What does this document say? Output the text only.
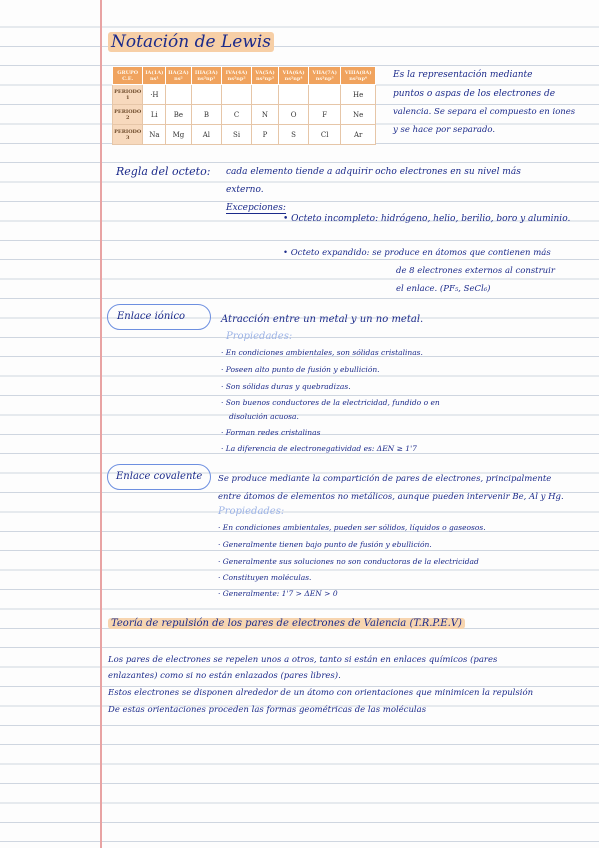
Notación de Lewis
GRUPO C.E.	IA(1A) ns¹	IIA(2A) ns²	IIIA(3A) ns²np¹	IVA(4A) ns²np²	VA(5A) ns²np³	VIA(6A) ns²np⁴	VIIA(7A) ns²np⁵	VIIIA(8A) ns²np⁶
PERIODO 1	·H							He
PERIODO 2	Li	Be	B	C	N	O	F	Ne
PERIODO 3	Na	Mg	Al	Si	P	S	Cl	Ar
Es la representación mediante
puntos o aspas de los electrones de
valencia. Se separa el compuesto en iones
y se hace por separado.
Regla del octeto: cada elemento tiende a adquirir ocho electrones en su nivel más
externo.
Excepciones:
• Octeto incompleto: hidrógeno, helio, berilio, boro y aluminio.
• Octeto expandido: se produce en átomos que contienen más
de 8 electrones externos al construir
el enlace. (PF₅, SeCl₆)
Enlace iónico	Atracción entre un metal y un no metal.
Propiedades:
· En condiciones ambientales, son sólidas cristalinas.
· Poseen alto punto de fusión y ebullición.
· Son sólidas duras y quebradizas.
· Son buenos conductores de la electricidad, fundido o en
disolución acuosa.
· Forman redes cristalinas
· La diferencia de electronegatividad es: ΔEN ≥ 1'7
Enlace covalente Se produce mediante la compartición de pares de electrones, principalmente
entre átomos de elementos no metálicos, aunque pueden intervenir Be, Al y Hg.
Propiedades:
· En condiciones ambientales, pueden ser sólidos, líquidos o gaseosos.
· Generalmente tienen bajo punto de fusión y ebullición.
· Generalmente sus soluciones no son conductoras de la electricidad
· Constituyen moléculas.
· Generalmente: 1'7 > ΔEN > 0
Teoría de repulsión de los pares de electrones de Valencia (T.R.P.E.V)
Los pares de electrones se repelen unos a otros, tanto si están en enlaces químicos (pares
enlazantes) como si no están enlazados (pares libres).
Estos electrones se disponen alrededor de un átomo con orientaciones que minimicen la repulsión
De estas orientaciones proceden las formas geométricas de las moléculas
